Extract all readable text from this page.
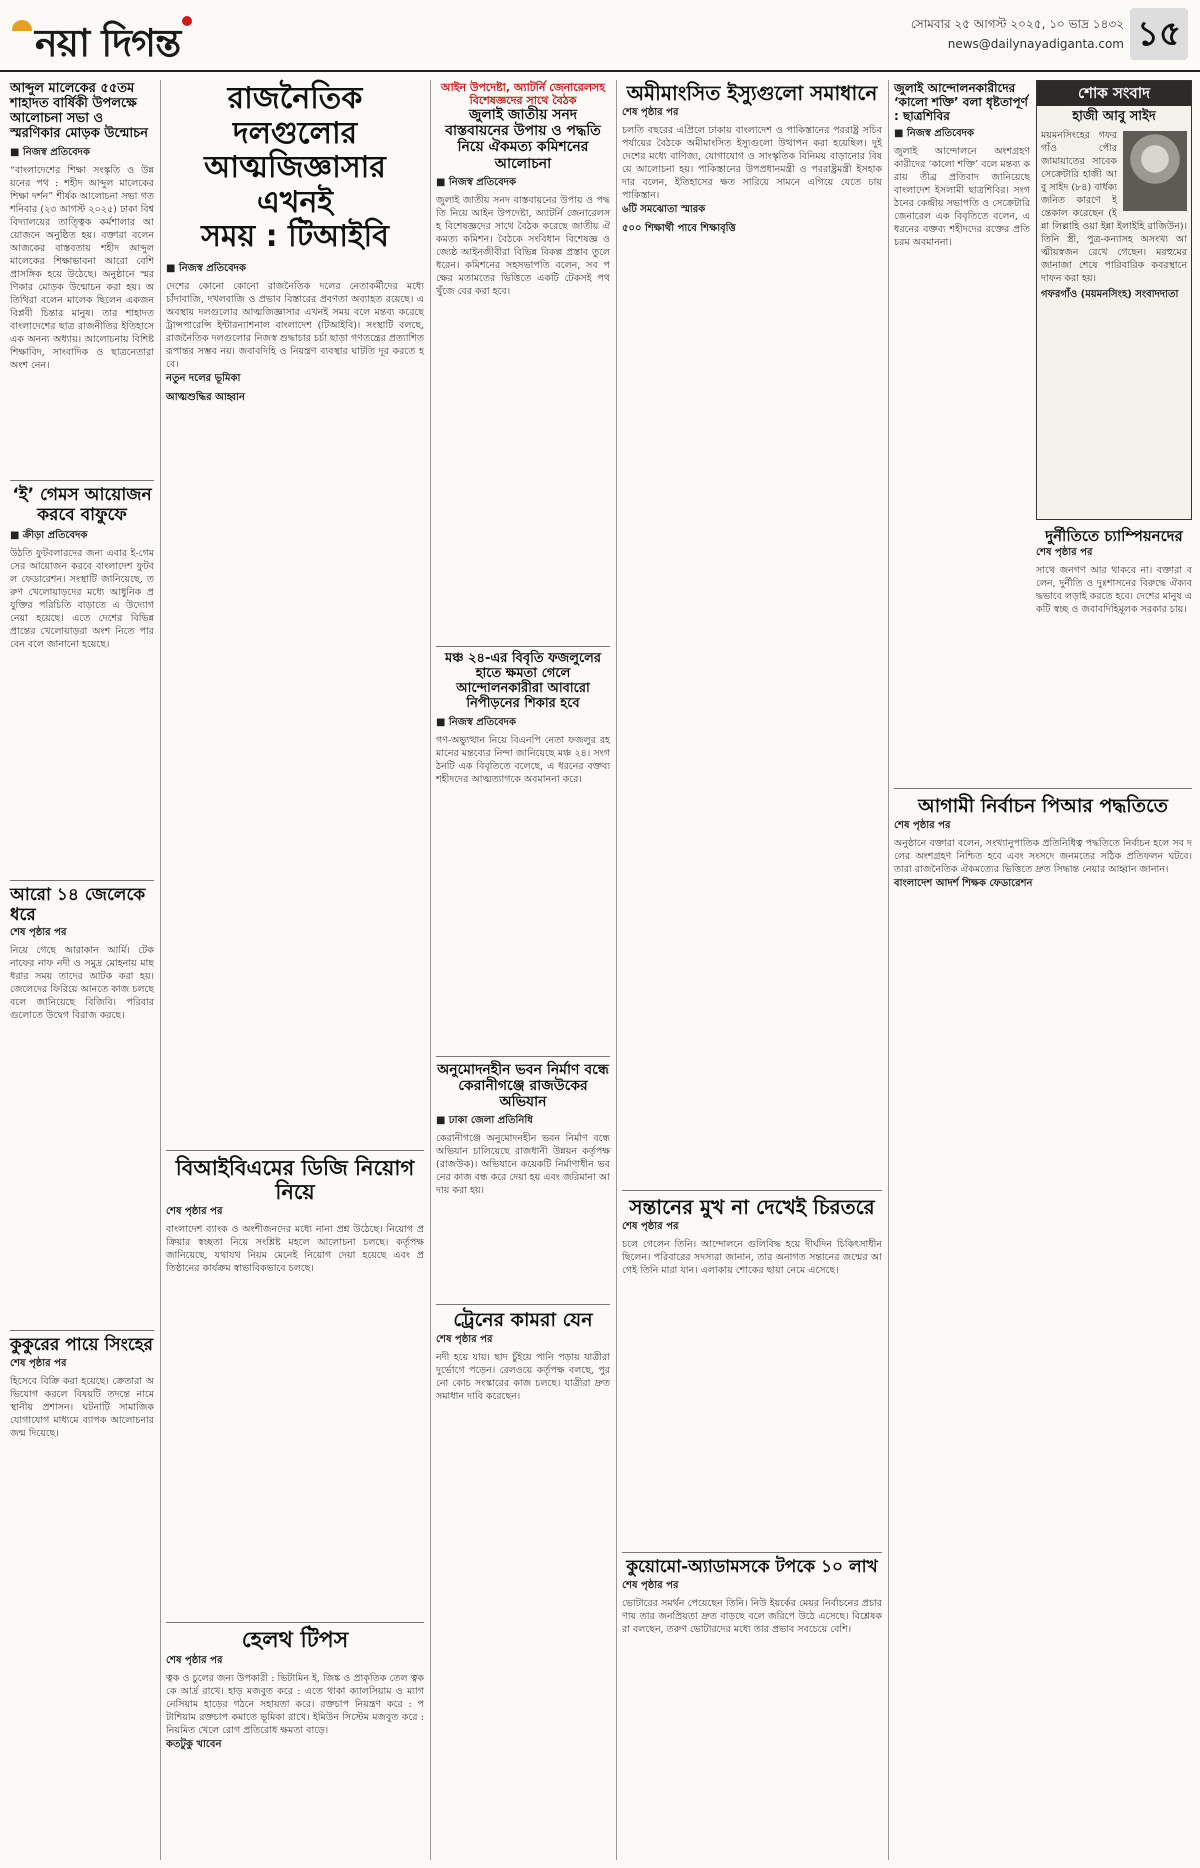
নয়া দিগন্ত	সোমবার ২৫ আগস্ট ২০২৫, ১০ ভাদ্র ১৪৩২
news@dailynayadiganta.com ১৫
আব্দুল মালেকের ৫৫তম শাহাদত বার্ষিকী উপলক্ষে আলোচনা সভা ও স্মরণিকার মোড়ক উন্মোচন
■ নিজস্ব প্রতিবেদক
“বাংলাদেশের শিক্ষা সংস্কৃতি ও উন্নয়নের পথ : শহীদ আব্দুল মালেকের শিক্ষা দর্শন” শীর্ষক আলোচনা সভা গত শনিবার (২৩ আগস্ট ২০২৫) ঢাকা বিশ্ববিদ্যালয়ের তাত্ত্বিক কর্মশালার আয়োজনে অনুষ্ঠিত হয়। বক্তারা বলেন আজকের বাস্তবতায় শহীদ আব্দুল মালেকের শিক্ষাভাবনা আরো বেশি প্রাসঙ্গিক হয়ে উঠেছে। অনুষ্ঠানে স্মরণিকার মোড়ক উন্মোচন করা হয়। অতিথিরা বলেন মালেক ছিলেন একজন বিপ্লবী চিন্তার মানুষ। তার শাহাদত বাংলাদেশের ছাত্র রাজনীতির ইতিহাসে এক অনন্য অধ্যায়। আলোচনায় বিশিষ্ট শিক্ষাবিদ, সাংবাদিক ও ছাত্রনেতারা অংশ নেন।
‘ই’ গেমস আয়োজন করবে বাফুফে
■ ক্রীড়া প্রতিবেদক
উঠতি ফুটবলারদের জন্য এবার ই-গেমসের আয়োজন করবে বাংলাদেশ ফুটবল ফেডারেশন। সংস্থাটি জানিয়েছে, তরুণ খেলোয়াড়দের মধ্যে আধুনিক প্রযুক্তির পরিচিতি বাড়াতে এ উদ্যোগ নেয়া হয়েছে। এতে দেশের বিভিন্ন প্রান্তের খেলোয়াড়রা অংশ নিতে পারবেন বলে জানানো হয়েছে।
আরো ১৪ জেলেকে ধরে
শেষ পৃষ্ঠার পর
নিয়ে গেছে আরাকান আর্মি। টেকনাফের নাফ নদী ও সমুদ্র মোহনায় মাছ ধরার সময় তাদের আটক করা হয়। জেলেদের ফিরিয়ে আনতে কাজ চলছে বলে জানিয়েছে বিজিবি। পরিবারগুলোতে উদ্বেগ বিরাজ করছে।
কুকুরের পায়ে সিংহের
শেষ পৃষ্ঠার পর
হিসেবে বিক্রি করা হয়েছে। ক্রেতারা অভিযোগ করলে বিষয়টি তদন্তে নামে স্থানীয় প্রশাসন। ঘটনাটি সামাজিক যোগাযোগ মাধ্যমে ব্যাপক আলোচনার জন্ম দিয়েছে।
রাজনৈতিক দলগুলোর আত্মজিজ্ঞাসার এখনই
সময় : টিআইবি
■ নিজস্ব প্রতিবেদক
দেশের কোনো কোনো রাজনৈতিক দলের নেতাকর্মীদের মধ্যে চাঁদাবাজি, দখলবাজি ও প্রভাব বিস্তারের প্রবণতা অব্যাহত রয়েছে। এ অবস্থায় দলগুলোর আত্মজিজ্ঞাসার এখনই সময় বলে মন্তব্য করেছে ট্রান্সপারেন্সি ইন্টারন্যাশনাল বাংলাদেশ (টিআইবি)। সংস্থাটি বলছে, রাজনৈতিক দলগুলোর নিজস্ব শুদ্ধাচার চর্চা ছাড়া গণতন্ত্রের প্রত্যাশিত রূপান্তর সম্ভব নয়। জবাবদিহি ও নিয়ন্ত্রণ ব্যবস্থার ঘাটতি দূর করতে হবে।
নতুন দলের ভূমিকা
আত্মশুদ্ধির আহ্বান
বিআইবিএমের ডিজি নিয়োগ নিয়ে
শেষ পৃষ্ঠার পর
বাংলাদেশ ব্যাংক ও অংশীজনদের মধ্যে নানা প্রশ্ন উঠেছে। নিয়োগ প্রক্রিয়ার স্বচ্ছতা নিয়ে সংশ্লিষ্ট মহলে আলোচনা চলছে। কর্তৃপক্ষ জানিয়েছে, যথাযথ নিয়ম মেনেই নিয়োগ দেয়া হয়েছে এবং প্রতিষ্ঠানের কার্যক্রম স্বাভাবিকভাবে চলছে।
হেলথ টিপস
শেষ পৃষ্ঠার পর
ত্বক ও চুলের জন্য উপকারী : ভিটামিন ই, জিঙ্ক ও প্রাকৃতিক তেল ত্বককে আর্দ্র রাখে। হাড় মজবুত করে : এতে থাকা ক্যালসিয়াম ও ম্যাগনেসিয়াম হাড়ের গঠনে সহায়তা করে। রক্তচাপ নিয়ন্ত্রণ করে : পটাশিয়াম রক্তচাপ কমাতে ভূমিকা রাখে। ইমিউন সিস্টেম মজবুত করে : নিয়মিত খেলে রোগ প্রতিরোধ ক্ষমতা বাড়ে।
কতটুকু খাবেন
আইন উপদেষ্টা, অ্যাটর্নি জেনারেলসহ বিশেষজ্ঞদের সাথে বৈঠক
জুলাই জাতীয় সনদ বাস্তবায়নের উপায় ও পদ্ধতি নিয়ে ঐকমত্য কমিশনের আলোচনা
■ নিজস্ব প্রতিবেদক
জুলাই জাতীয় সনদ বাস্তবায়নের উপায় ও পদ্ধতি নিয়ে আইন উপদেষ্টা, অ্যাটর্নি জেনারেলসহ বিশেষজ্ঞদের সাথে বৈঠক করেছে জাতীয় ঐকমত্য কমিশন। বৈঠকে সংবিধান বিশেষজ্ঞ ও জ্যেষ্ঠ আইনজীবীরা বিভিন্ন বিকল্প প্রস্তাব তুলে ধরেন। কমিশনের সহসভাপতি বলেন, সব পক্ষের মতামতের ভিত্তিতে একটি টেকসই পথ খুঁজে বের করা হবে।
মঞ্চ ২৪-এর বিবৃতি ফজলুলের হাতে ক্ষমতা গেলে আন্দোলনকারীরা আবারো নিপীড়নের শিকার হবে
■ নিজস্ব প্রতিবেদক
গণ-অভ্যুত্থান নিয়ে বিএনপি নেতা ফজলুর রহমানের মন্তব্যের নিন্দা জানিয়েছে মঞ্চ ২৪। সংগঠনটি এক বিবৃতিতে বলেছে, এ ধরনের বক্তব্য শহীদদের আত্মত্যাগকে অবমাননা করে।
অনুমোদনহীন ভবন নির্মাণ বন্ধে কেরানীগঞ্জে রাজউকের অভিযান
■ ঢাকা জেলা প্রতিনিধি
কেরানীগঞ্জে অনুমোদনহীন ভবন নির্মাণ বন্ধে অভিযান চালিয়েছে রাজধানী উন্নয়ন কর্তৃপক্ষ (রাজউক)। অভিযানে কয়েকটি নির্মাণাধীন ভবনের কাজ বন্ধ করে দেয়া হয় এবং জরিমানা আদায় করা হয়।
ট্রেনের কামরা যেন
শেষ পৃষ্ঠার পর
নদী হয়ে যায়। ছাদ চুঁইয়ে পানি পড়ায় যাত্রীরা দুর্ভোগে পড়েন। রেলওয়ে কর্তৃপক্ষ বলছে, পুরনো কোচ সংস্কারের কাজ চলছে। যাত্রীরা দ্রুত সমাধান দাবি করেছেন।
অমীমাংসিত ইস্যুগুলো সমাধানে
শেষ পৃষ্ঠার পর
চলতি বছরের এপ্রিলে ঢাকায় বাংলাদেশ ও পাকিস্তানের পররাষ্ট্র সচিব পর্যায়ের বৈঠকে অমীমাংসিত ইস্যুগুলো উত্থাপন করা হয়েছিল। দুই দেশের মধ্যে বাণিজ্য, যোগাযোগ ও সাংস্কৃতিক বিনিময় বাড়ানোর বিষয়ে আলোচনা হয়। পাকিস্তানের উপপ্রধানমন্ত্রী ও পররাষ্ট্রমন্ত্রী ইসহাক দার বলেন, ইতিহাসের ক্ষত সারিয়ে সামনে এগিয়ে যেতে চায় পাকিস্তান।
৬টি সমঝোতা স্মারক
৫০০ শিক্ষার্থী পাবে শিক্ষাবৃত্তি
সন্তানের মুখ না দেখেই চিরতরে
শেষ পৃষ্ঠার পর
চলে গেলেন তিনি। আন্দোলনে গুলিবিদ্ধ হয়ে দীর্ঘদিন চিকিৎসাধীন ছিলেন। পরিবারের সদস্যরা জানান, তার অনাগত সন্তানের জন্মের আগেই তিনি মারা যান। এলাকায় শোকের ছায়া নেমে এসেছে।
কুয়োমো-অ্যাডামসকে টপকে ১০ লাখ
শেষ পৃষ্ঠার পর
ভোটারের সমর্থন পেয়েছেন তিনি। নিউ ইয়র্কের মেয়র নির্বাচনের প্রচারণায় তার জনপ্রিয়তা দ্রুত বাড়ছে বলে জরিপে উঠে এসেছে। বিশ্লেষকরা বলছেন, তরুণ ভোটারদের মধ্যে তার প্রভাব সবচেয়ে বেশি।
জুলাই আন্দোলনকারীদের ‘কালো শক্তি’ বলা ধৃষ্টতাপূর্ণ : ছাত্রশিবির
■ নিজস্ব প্রতিবেদক
জুলাই আন্দোলনে অংশগ্রহণকারীদের ‘কালো শক্তি’ বলে মন্তব্য করায় তীব্র প্রতিবাদ জানিয়েছে বাংলাদেশ ইসলামী ছাত্রশিবির। সংগঠনের কেন্দ্রীয় সভাপতি ও সেক্রেটারি জেনারেল এক বিবৃতিতে বলেন, এ ধরনের বক্তব্য শহীদদের রক্তের প্রতি চরম অবমাননা।
শোক সংবাদ
হাজী আবু সাইদ
ময়মনসিংহের গফরগাঁও পৌর জামায়াতের সাবেক সেক্রেটারি হাজী আবু সাইদ (৮৪) বার্ধক্যজনিত কারণে ইন্তেকাল করেছেন (ইন্না লিল্লাহি ওয়া ইন্না ইলাইহি রাজিউন)। তিনি স্ত্রী, পুত্র-কন্যাসহ অসংখ্য আত্মীয়স্বজন রেখে গেছেন। মরহুমের জানাজা শেষে পারিবারিক কবরস্থানে দাফন করা হয়।
গফরগাঁও (ময়মনসিংহ) সংবাদদাতা
দুর্নীতিতে চ্যাম্পিয়নদের
শেষ পৃষ্ঠার পর
সাথে জনগণ আর থাকবে না। বক্তারা বলেন, দুর্নীতি ও দুঃশাসনের বিরুদ্ধে ঐক্যবদ্ধভাবে লড়াই করতে হবে। দেশের মানুষ একটি স্বচ্ছ ও জবাবদিহিমূলক সরকার চায়।
আগামী নির্বাচন পিআর পদ্ধতিতে
শেষ পৃষ্ঠার পর
অনুষ্ঠানে বক্তারা বলেন, সংখ্যানুপাতিক প্রতিনিধিত্ব পদ্ধতিতে নির্বাচন হলে সব দলের অংশগ্রহণ নিশ্চিত হবে এবং সংসদে জনমতের সঠিক প্রতিফলন ঘটবে। তারা রাজনৈতিক ঐকমত্যের ভিত্তিতে দ্রুত সিদ্ধান্ত নেয়ার আহ্বান জানান।
বাংলাদেশ আদর্শ শিক্ষক ফেডারেশন
